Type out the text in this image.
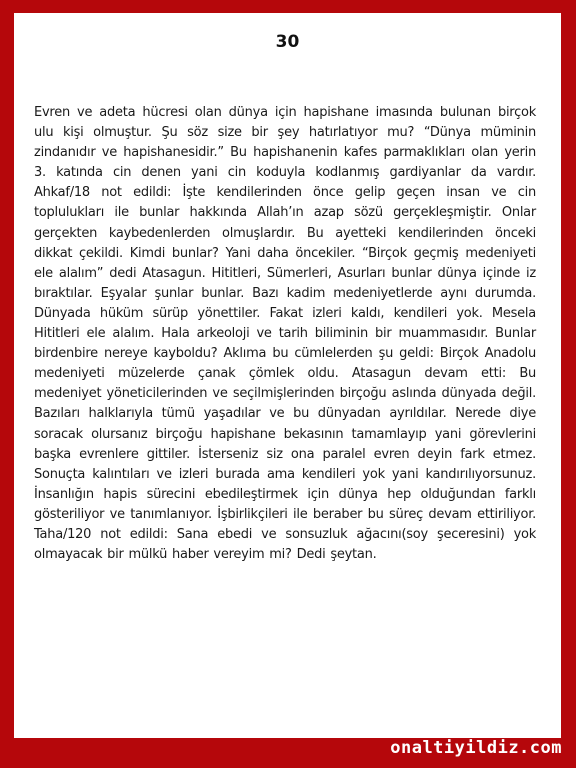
30

Evren ve adeta hücresi olan dünya için hapishane imasında bulunan birçok ulu kişi olmuştur. Şu söz size bir şey hatırlatıyor mu? “Dünya müminin zindanıdır ve hapishanesidir.” Bu hapishanenin kafes parmaklıkları olan yerin 3. katında cin denen yani cin koduyla kodlanmış gardiyanlar da vardır. Ahkaf/18 not edildi: İşte kendilerinden önce gelip geçen insan ve cin toplulukları ile bunlar hakkında Allah’ın azap sözü gerçekleşmiştir. Onlar gerçekten kaybedenlerden olmuşlardır. Bu ayetteki kendilerinden önceki dikkat çekildi. Kimdi bunlar? Yani daha öncekiler. “Birçok geçmiş medeniyeti ele alalım” dedi Atasagun. Hititleri, Sümerleri, Asurları bunlar dünya içinde iz bıraktılar. Eşyalar şunlar bunlar. Bazı kadim medeniyetlerde aynı durumda. Dünyada hüküm sürüp yönettiler. Fakat izleri kaldı, kendileri yok. Mesela Hititleri ele alalım. Hala arkeoloji ve tarih biliminin bir muammasıdır. Bunlar birdenbire nereye kayboldu? Aklıma bu cümlelerden şu geldi: Birçok Anadolu medeniyeti müzelerde çanak çömlek oldu. Atasagun devam etti: Bu medeniyet yöneticilerinden ve seçilmişlerinden birçoğu aslında dünyada değil. Bazıları halklarıyla tümü yaşadılar ve bu dünyadan ayrıldılar. Nerede diye soracak olursanız birçoğu hapishane bekasının tamamlayıp yani görevlerini başka evrenlere gittiler. İsterseniz siz ona paralel evren deyin fark etmez. Sonuçta kalıntıları ve izleri burada ama kendileri yok yani kandırılıyorsunuz. İnsanlığın hapis sürecini ebedileştirmek için dünya hep olduğundan farklı gösteriliyor ve tanımlanıyor. İşbirlikçileri ile beraber bu süreç devam ettiriliyor. Taha/120 not edildi: Sana ebedi ve sonsuzluk ağacını(soy şeceresini) yok olmayacak bir mülkü haber vereyim mi? Dedi şeytan.

onaltiyildiz.com
